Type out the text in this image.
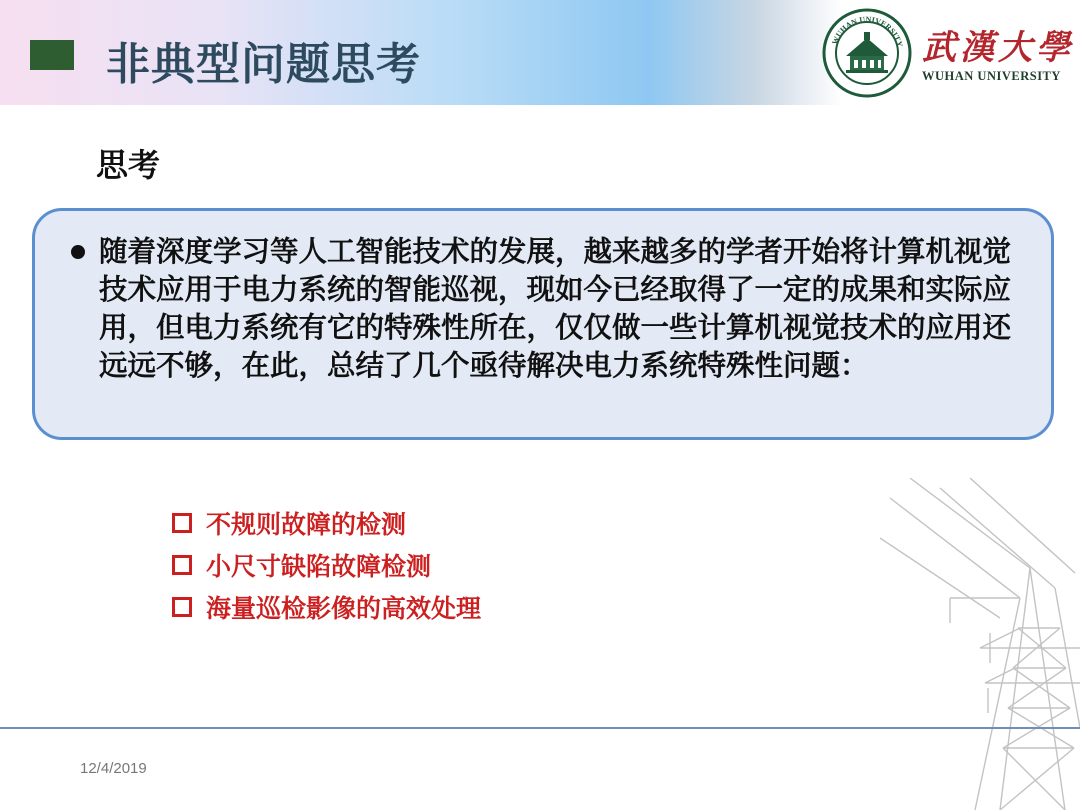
非典型问题思考	WUHAN UNIVERSITY 武漢大學
WUHAN UNIVERSITY
思考
随着深度学习等人工智能技术的发展，越来越多的学者开始将计算机视觉技术应用于电力系统的智能巡视，现如今已经取得了一定的成果和实际应用，但电力系统有它的特殊性所在，仅仅做一些计算机视觉技术的应用还远远不够，在此，总结了几个亟待解决电力系统特殊性问题：
不规则故障的检测
小尺寸缺陷故障检测
海量巡检影像的高效处理
12/4/2019
